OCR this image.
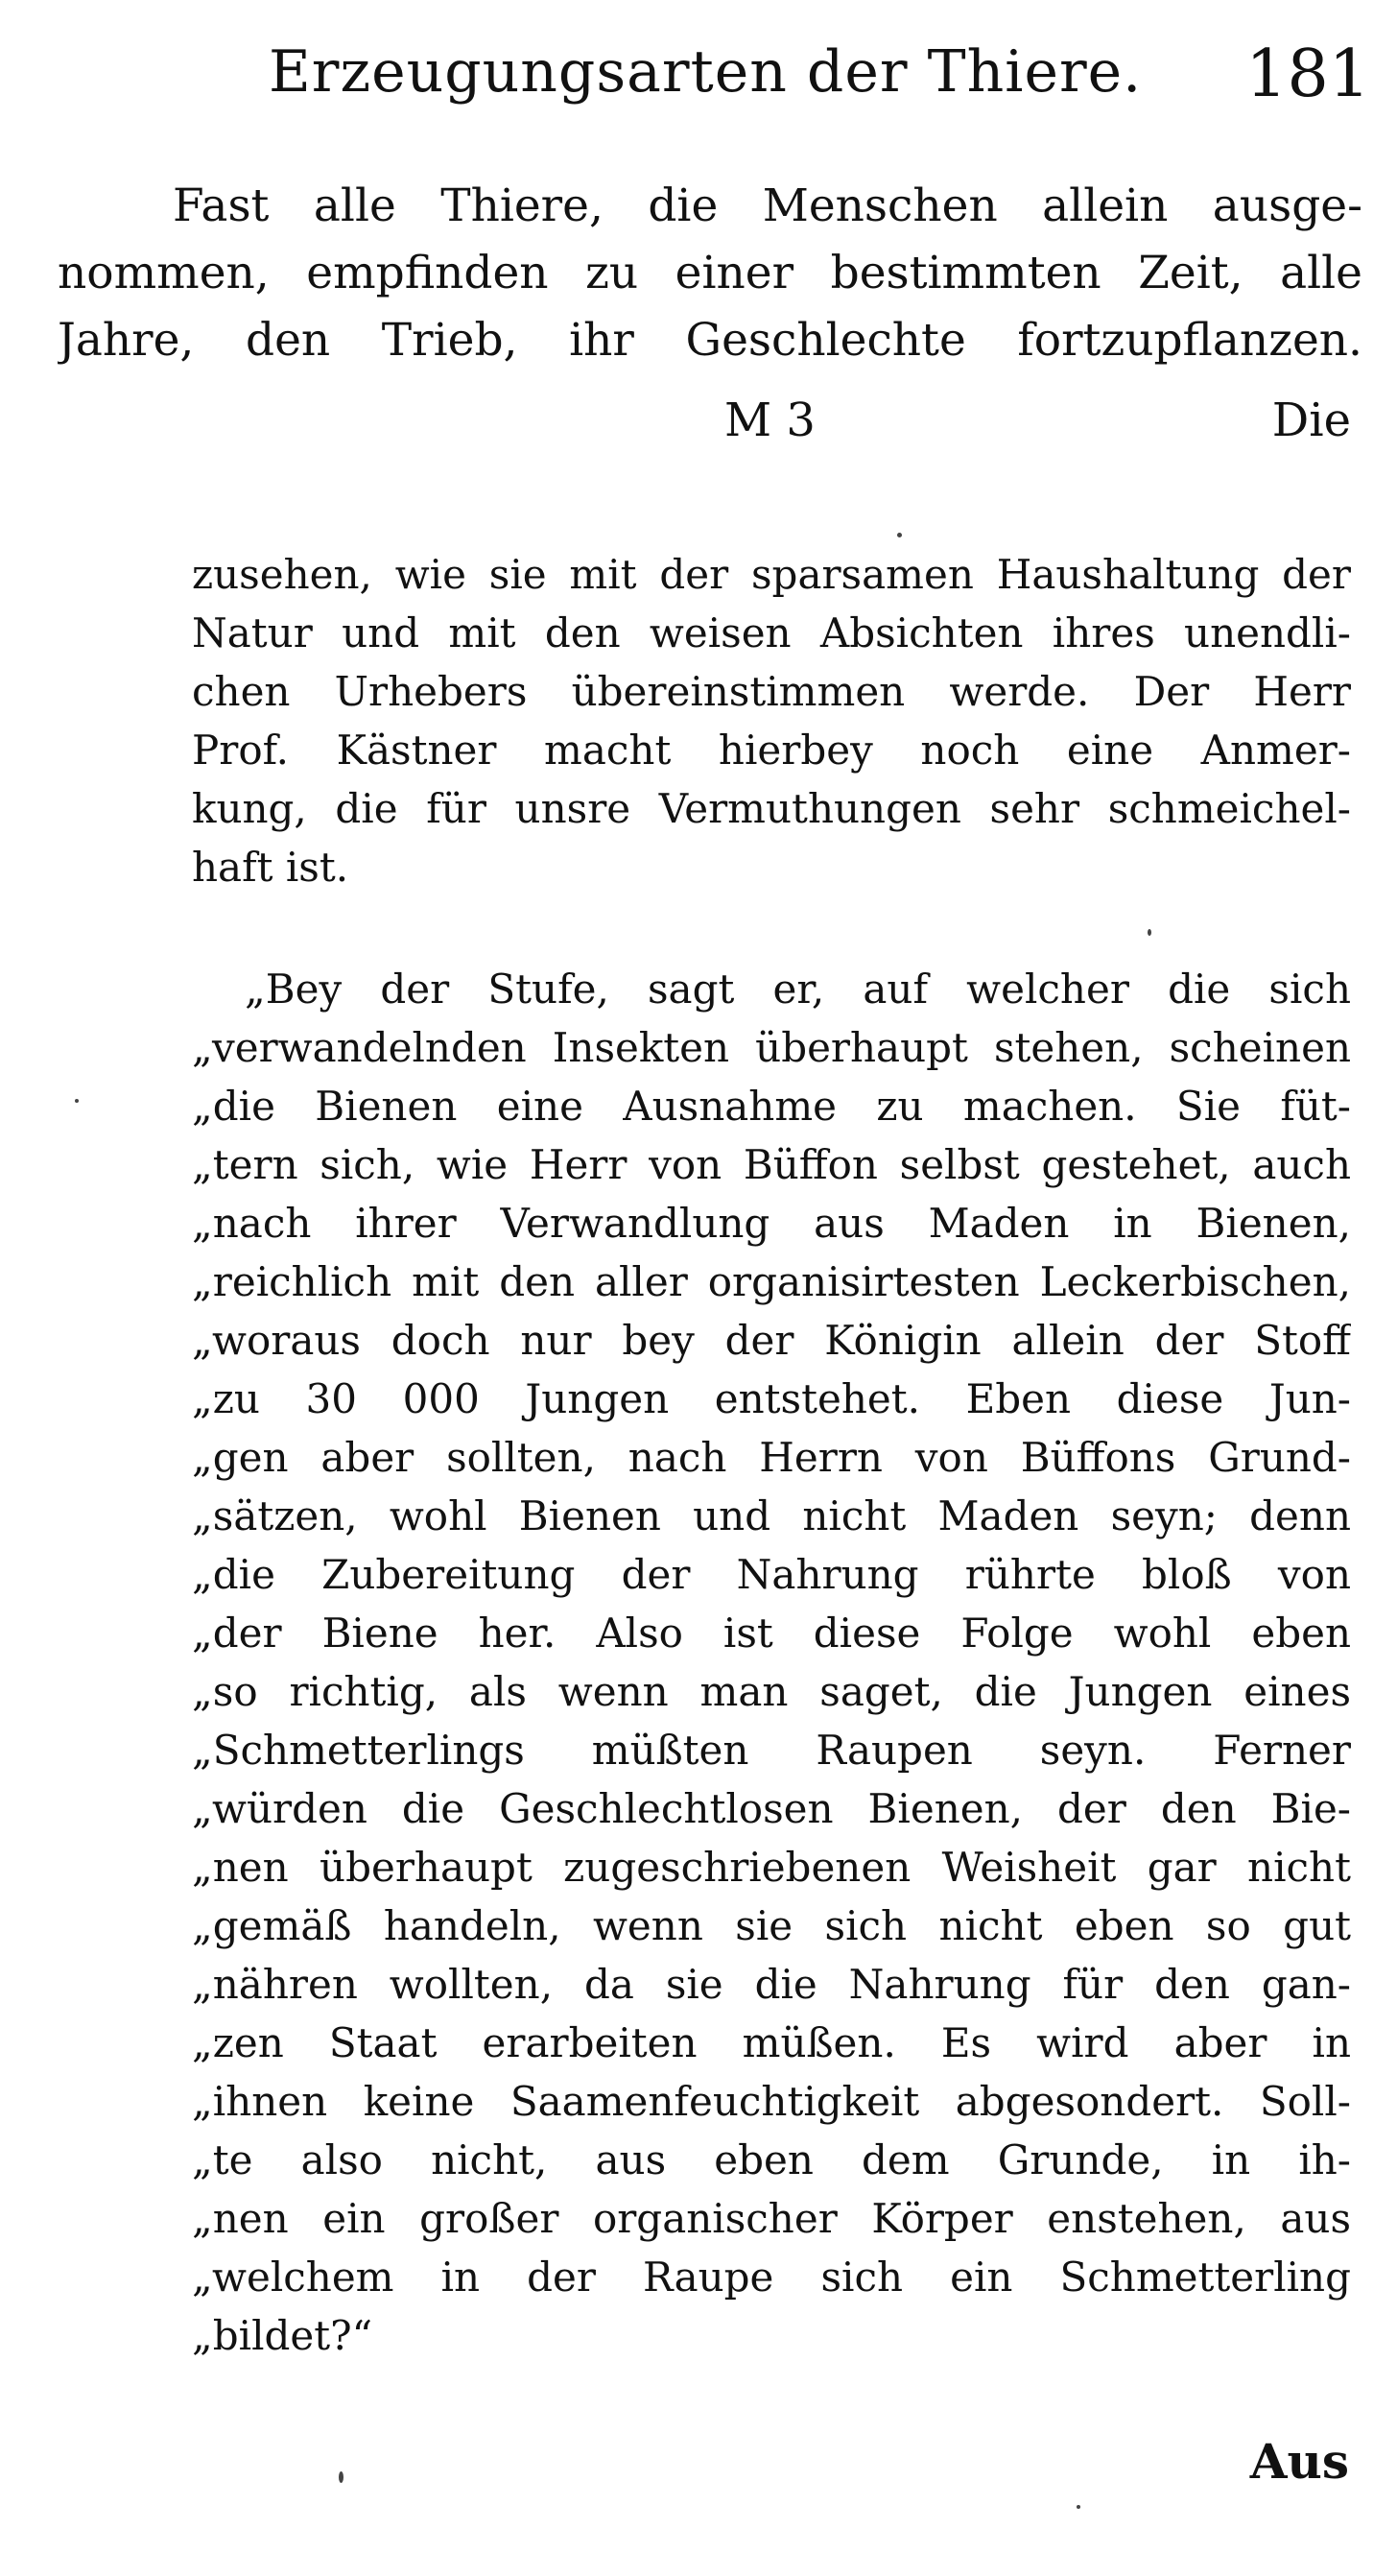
Erzeugungsarten der Thiere. 181
Fast alle Thiere, die Menschen allein ausge-
nommen, empfinden zu einer bestimmten Zeit, alle
Jahre, den Trieb, ihr Geschlechte fortzupflanzen.
M 3	Die
zusehen, wie sie mit der sparsamen Haushaltung der
Natur und mit den weisen Absichten ihres unendli-
chen Urhebers übereinstimmen werde. Der Herr
Prof. Kästner macht hierbey noch eine Anmer-
kung, die für unsre Vermuthungen sehr schmeichel-
haft ist.
„Bey der Stufe, sagt er, auf welcher die sich
„verwandelnden Insekten überhaupt stehen, scheinen
„die Bienen eine Ausnahme zu machen. Sie füt-
„tern sich, wie Herr von Büffon selbst gestehet, auch
„nach ihrer Verwandlung aus Maden in Bienen,
„reichlich mit den aller organisirtesten Leckerbischen,
„woraus doch nur bey der Königin allein der Stoff
„zu 30 000 Jungen entstehet. Eben diese Jun-
„gen aber sollten, nach Herrn von Büffons Grund-
„sätzen, wohl Bienen und nicht Maden seyn; denn
„die Zubereitung der Nahrung rührte bloß von
„der Biene her. Also ist diese Folge wohl eben
„so richtig, als wenn man saget, die Jungen eines
„Schmetterlings müßten Raupen seyn. Ferner
„würden die Geschlechtlosen Bienen, der den Bie-
„nen überhaupt zugeschriebenen Weisheit gar nicht
„gemäß handeln, wenn sie sich nicht eben so gut
„nähren wollten, da sie die Nahrung für den gan-
„zen Staat erarbeiten müßen. Es wird aber in
„ihnen keine Saamenfeuchtigkeit abgesondert. Soll-
„te also nicht, aus eben dem Grunde, in ih-
„nen ein großer organischer Körper enstehen, aus
„welchem in der Raupe sich ein Schmetterling
„bildet?“
Aus
